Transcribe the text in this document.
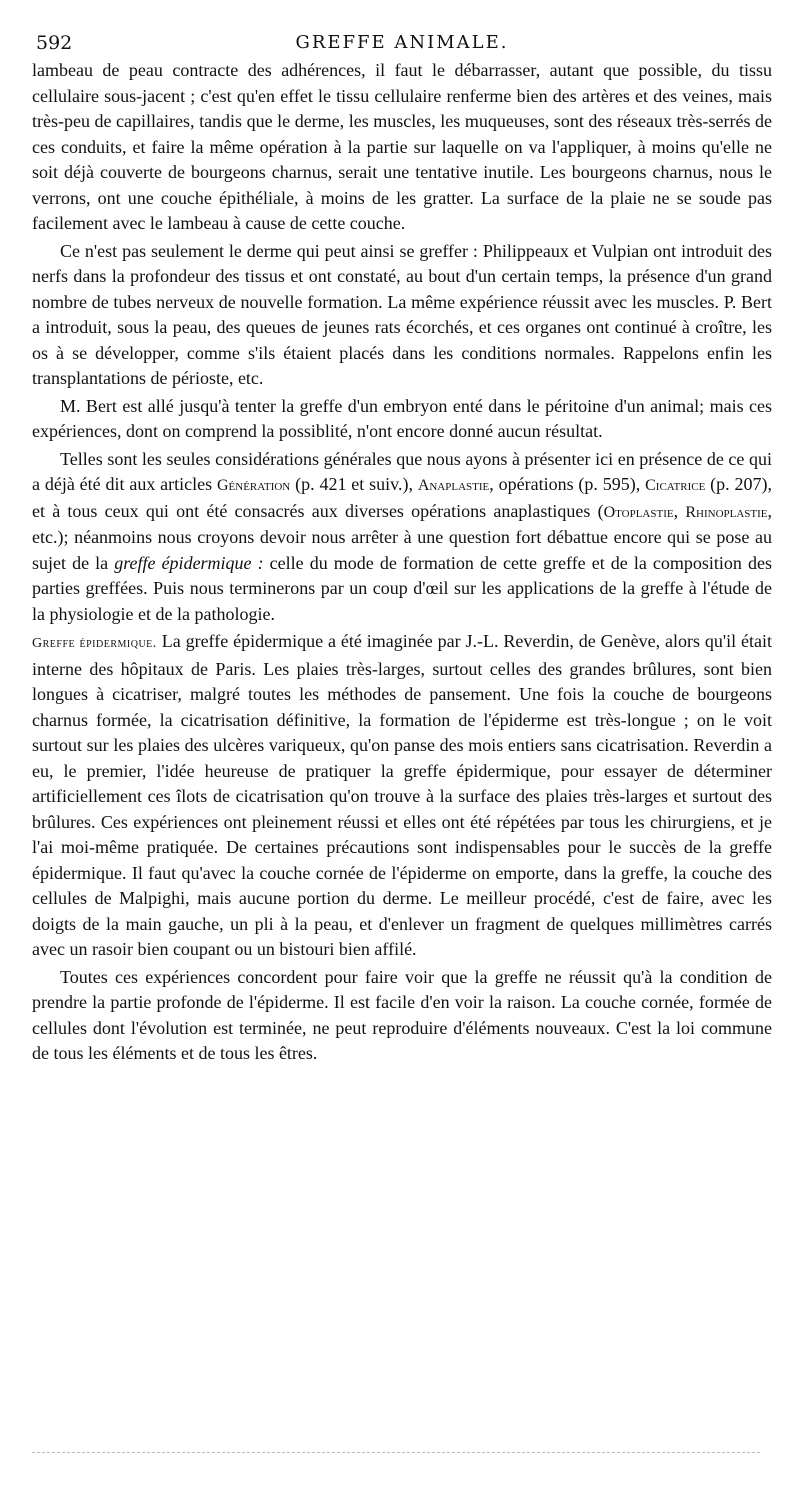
592	GREFFE ANIMALE.

lambeau de peau contracte des adhérences, il faut le débarrasser, autant que possible, du tissu cellulaire sous-jacent ; c'est qu'en effet le tissu cellulaire renferme bien des artères et des veines, mais très-peu de capillaires, tandis que le derme, les muscles, les muqueuses, sont des réseaux très-serrés de ces conduits, et faire la même opération à la partie sur laquelle on va l'appliquer, à moins qu'elle ne soit déjà couverte de bourgeons charnus, serait une tentative inutile. Les bourgeons charnus, nous le verrons, ont une couche épithéliale, à moins de les gratter. La surface de la plaie ne se soude pas facilement avec le lambeau à cause de cette couche.

Ce n'est pas seulement le derme qui peut ainsi se greffer : Philippeaux et Vulpian ont introduit des nerfs dans la profondeur des tissus et ont constaté, au bout d'un certain temps, la présence d'un grand nombre de tubes nerveux de nouvelle formation. La même expérience réussit avec les muscles. P. Bert a introduit, sous la peau, des queues de jeunes rats écorchés, et ces organes ont continué à croître, les os à se développer, comme s'ils étaient placés dans les conditions normales. Rappelons enfin les transplantations de périoste, etc.

M. Bert est allé jusqu'à tenter la greffe d'un embryon enté dans le péritoine d'un animal; mais ces expériences, dont on comprend la possiblité, n'ont encore donné aucun résultat.

Telles sont les seules considérations générales que nous ayons à présenter ici en présence de ce qui a déjà été dit aux articles Génération (p. 421 et suiv.), Anaplastie, opérations (p. 595), Cicatrice (p. 207), et à tous ceux qui ont été consacrés aux diverses opérations anaplastiques (Otoplastie, Rhinoplastie, etc.); néanmoins nous croyons devoir nous arrêter à une question fort débattue encore qui se pose au sujet de la greffe épidermique : celle du mode de formation de cette greffe et de la composition des parties greffées. Puis nous terminerons par un coup d'œil sur les applications de la greffe à l'étude de la physiologie et de la pathologie.

Greffe épidermique. La greffe épidermique a été imaginée par J.-L. Reverdin, de Genève, alors qu'il était interne des hôpitaux de Paris. Les plaies très-larges, surtout celles des grandes brûlures, sont bien longues à cicatriser, malgré toutes les méthodes de pansement. Une fois la couche de bourgeons charnus formée, la cicatrisation définitive, la formation de l'épiderme est très-longue ; on le voit surtout sur les plaies des ulcères variqueux, qu'on panse des mois entiers sans cicatrisation. Reverdin a eu, le premier, l'idée heureuse de pratiquer la greffe épidermique, pour essayer de déterminer artificiellement ces îlots de cicatrisation qu'on trouve à la surface des plaies très-larges et surtout des brûlures. Ces expériences ont pleinement réussi et elles ont été répétées par tous les chirurgiens, et je l'ai moi-même pratiquée. De certaines précautions sont indispensables pour le succès de la greffe épidermique. Il faut qu'avec la couche cornée de l'épiderme on emporte, dans la greffe, la couche des cellules de Malpighi, mais aucune portion du derme. Le meilleur procédé, c'est de faire, avec les doigts de la main gauche, un pli à la peau, et d'enlever un fragment de quelques millimètres carrés avec un rasoir bien coupant ou un bistouri bien affilé.

Toutes ces expériences concordent pour faire voir que la greffe ne réussit qu'à la condition de prendre la partie profonde de l'épiderme. Il est facile d'en voir la raison. La couche cornée, formée de cellules dont l'évolution est terminée, ne peut reproduire d'éléments nouveaux. C'est la loi commune de tous les éléments et de tous les êtres.
